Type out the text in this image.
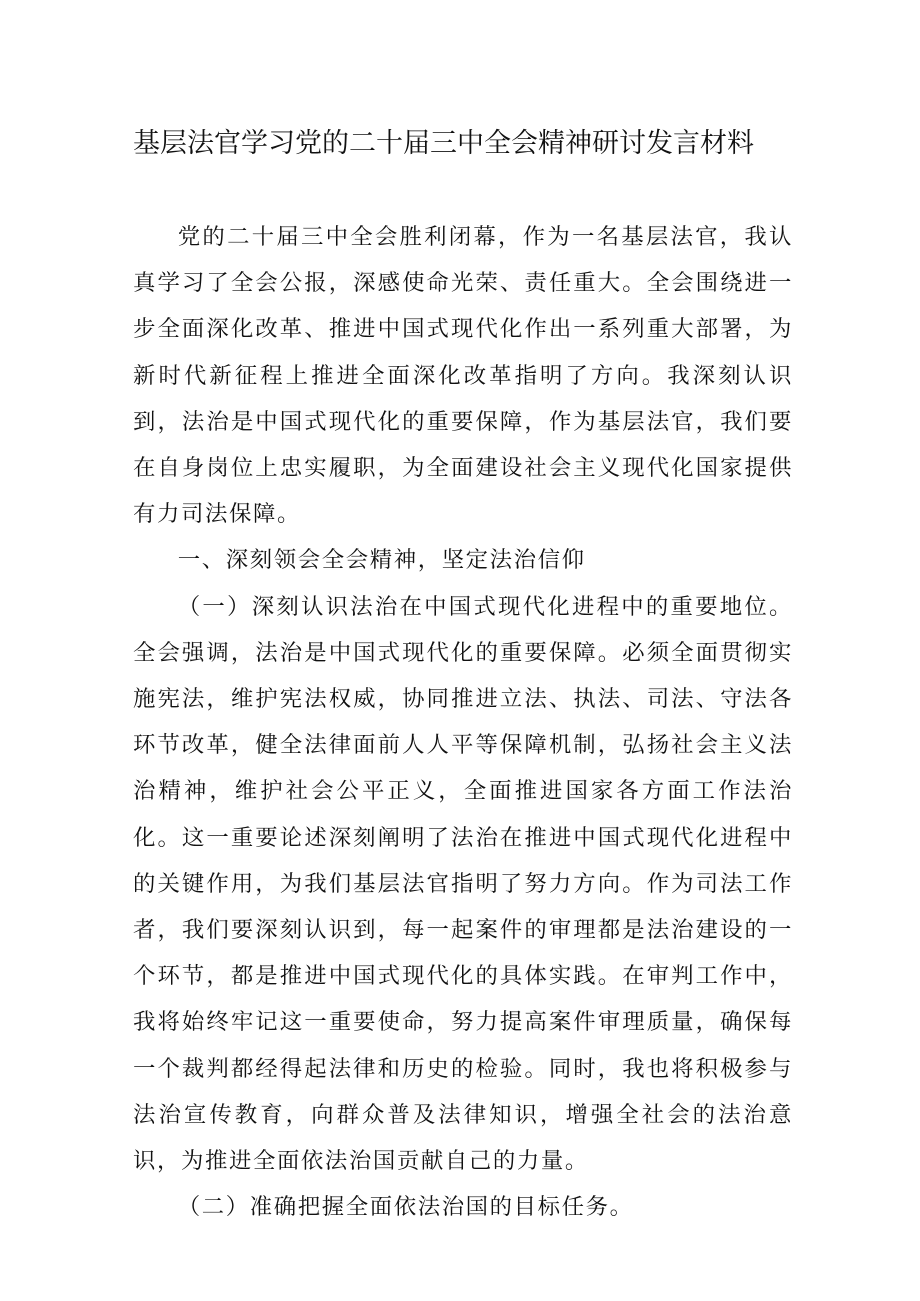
基层法官学习党的二十届三中全会精神研讨发言材料

党的二十届三中全会胜利闭幕，作为一名基层法官，我认真学习了全会公报，深感使命光荣、责任重大。全会围绕进一步全面深化改革、推进中国式现代化作出一系列重大部署，为新时代新征程上推进全面深化改革指明了方向。我深刻认识到，法治是中国式现代化的重要保障，作为基层法官，我们要在自身岗位上忠实履职，为全面建设社会主义现代化国家提供有力司法保障。

一、深刻领会全会精神，坚定法治信仰

（一）深刻认识法治在中国式现代化进程中的重要地位。全会强调，法治是中国式现代化的重要保障。必须全面贯彻实施宪法，维护宪法权威，协同推进立法、执法、司法、守法各环节改革，健全法律面前人人平等保障机制，弘扬社会主义法治精神，维护社会公平正义，全面推进国家各方面工作法治化。这一重要论述深刻阐明了法治在推进中国式现代化进程中的关键作用，为我们基层法官指明了努力方向。作为司法工作者，我们要深刻认识到，每一起案件的审理都是法治建设的一个环节，都是推进中国式现代化的具体实践。在审判工作中，我将始终牢记这一重要使命，努力提高案件审理质量，确保每一个裁判都经得起法律和历史的检验。同时，我也将积极参与法治宣传教育，向群众普及法律知识，增强全社会的法治意识，为推进全面依法治国贡献自己的力量。

（二）准确把握全面依法治国的目标任务。
